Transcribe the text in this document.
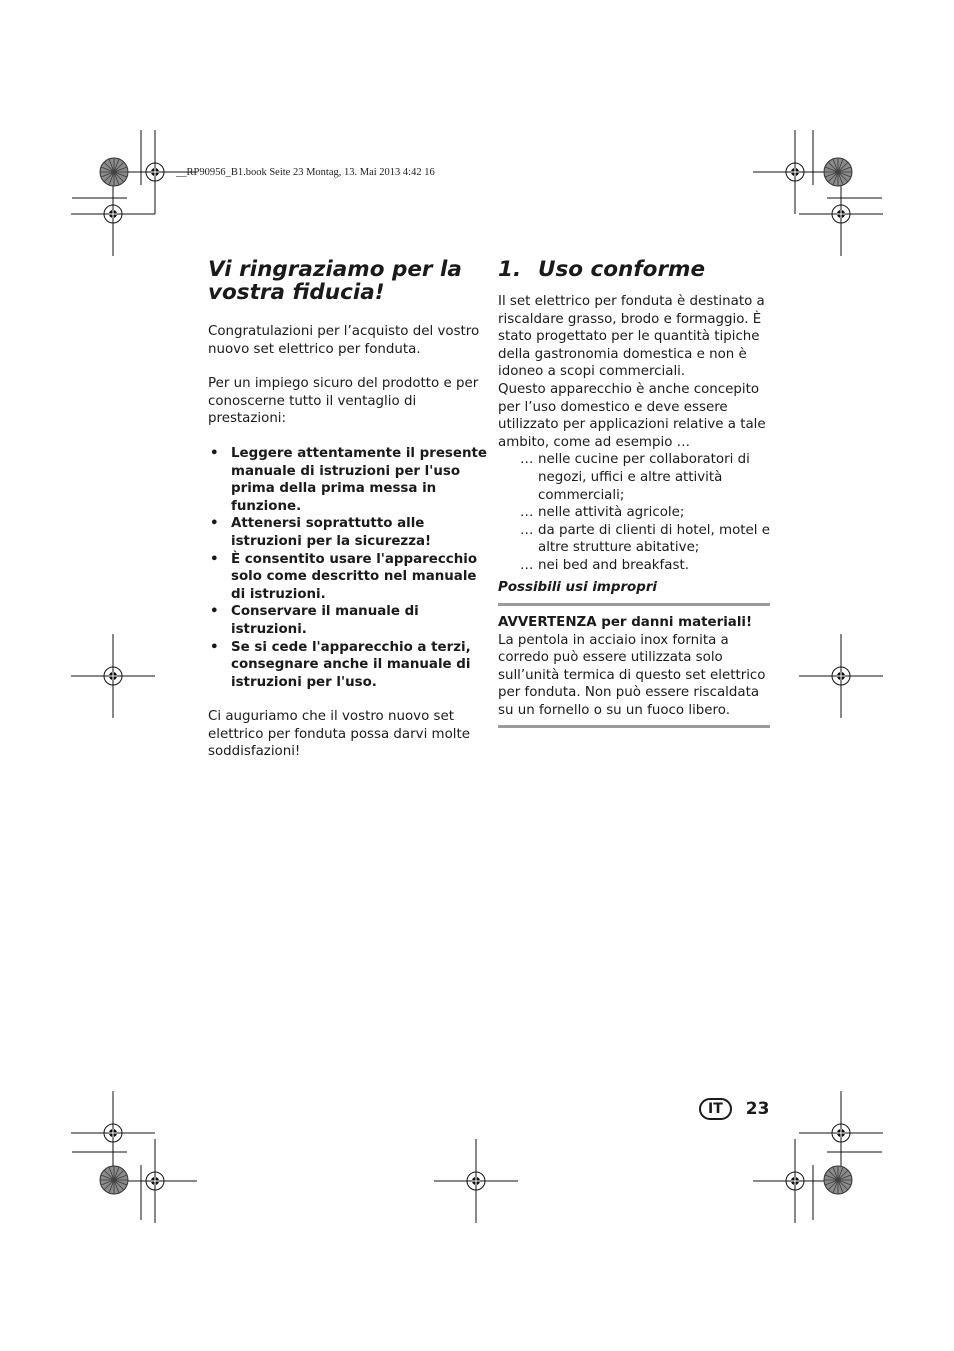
__RP90956_B1.book Seite 23 Montag, 13. Mai 2013 4:42 16
Vi ringraziamo per la vostra fiducia!

Congratulazioni per l’acquisto del vostro nuovo set elettrico per fonduta.

Per un impiego sicuro del prodotto e per conoscerne tutto il ventaglio di prestazioni:

• Leggere attentamente il presente manuale di istruzioni per l'uso prima della prima messa in funzione.
• Attenersi soprattutto alle istruzioni per la sicurezza!
• È consentito usare l'apparecchio solo come descritto nel manuale di istruzioni.
• Conservare il manuale di istruzioni.
• Se si cede l'apparecchio a terzi, consegnare anche il manuale di istruzioni per l'uso.

Ci auguriamo che il vostro nuovo set elettrico per fonduta possa darvi molte soddisfazioni!

1. Uso conforme

Il set elettrico per fonduta è destinato a riscaldare grasso, brodo e formaggio. È stato progettato per le quantità tipiche della gastronomia domestica e non è idoneo a scopi commerciali.

Questo apparecchio è anche concepito per l’uso domestico e deve essere utilizzato per applicazioni relative a tale ambito, come ad esempio …

… nelle cucine per collaboratori di negozi, uffici e altre attività commerciali;
… nelle attività agricole;
… da parte di clienti di hotel, motel e altre strutture abitative;
… nei bed and breakfast.

Possibili usi impropri

AVVERTENZA per danni materiali!

La pentola in acciaio inox fornita a corredo può essere utilizzata solo sull’unità termica di questo set elettrico per fonduta. Non può essere riscaldata su un fornello o su un fuoco libero.

IT	23
